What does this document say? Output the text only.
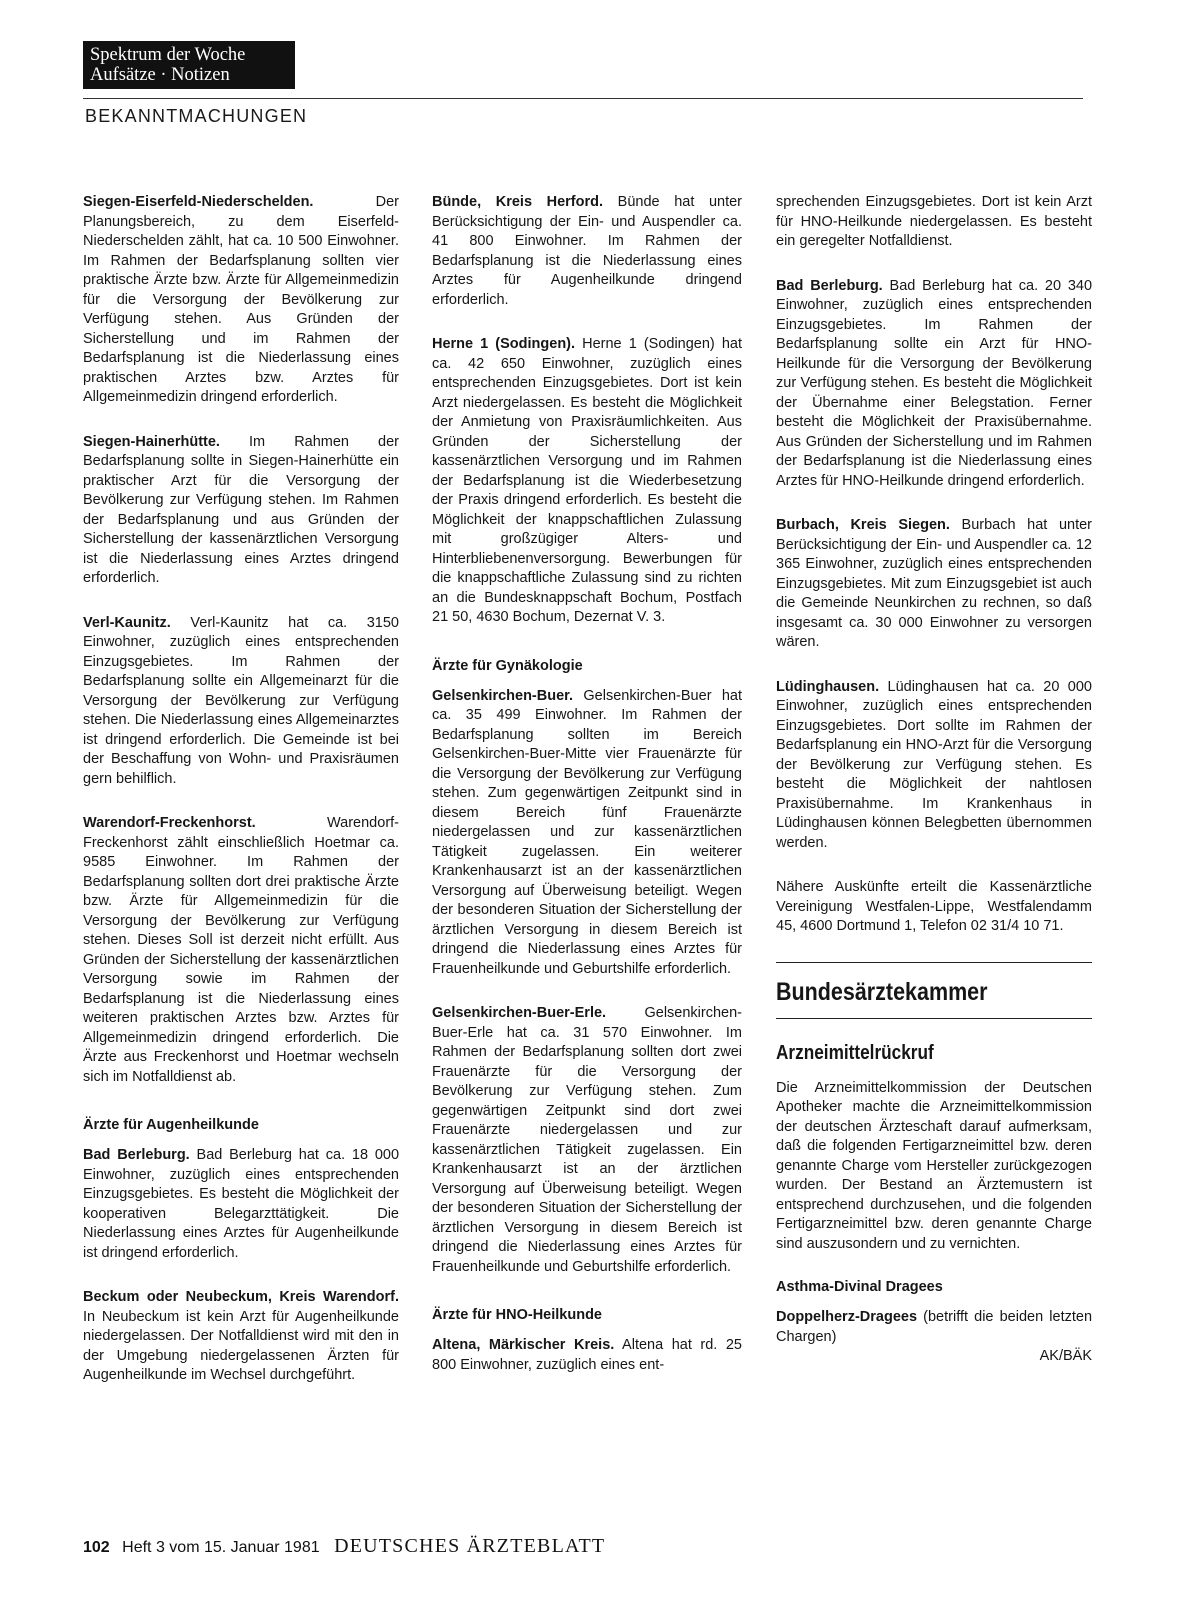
Spektrum der Woche
Aufsätze · Notizen
BEKANNTMACHUNGEN

Siegen-Eiserfeld-Niederschelden.	Der Planungsbereich, zu dem Eiserfeld-Niederschelden zählt, hat ca. 10 500 Einwohner. Im Rahmen der Bedarfsplanung sollten vier praktische Ärzte bzw. Ärzte für Allgemeinmedizin für die Versorgung der Bevölkerung zur Verfügung stehen. Aus Gründen der Sicherstellung und im Rahmen der Bedarfsplanung ist die Niederlassung eines praktischen Arztes bzw. Arztes für Allgemeinmedizin dringend erforderlich.

Siegen-Hainerhütte. Im Rahmen der Bedarfsplanung sollte in Siegen-Hainerhütte ein praktischer Arzt für die Versorgung der Bevölkerung zur Verfügung stehen. Im Rahmen der Bedarfsplanung und aus Gründen der Sicherstellung der kassenärztlichen Versorgung ist die Niederlassung eines Arztes dringend erforderlich.

Verl-Kaunitz. Verl-Kaunitz hat ca. 3150 Einwohner, zuzüglich eines entsprechenden Einzugsgebietes. Im Rahmen der Bedarfsplanung sollte ein Allgemeinarzt für die Versorgung der Bevölkerung zur Verfügung stehen. Die Niederlassung eines Allgemeinarztes ist dringend erforderlich. Die Gemeinde ist bei der Beschaffung von Wohn- und Praxisräumen gern behilflich.

Warendorf-Freckenhorst.	Warendorf-Freckenhorst zählt einschließlich Hoetmar ca. 9585 Einwohner. Im Rahmen der Bedarfsplanung sollten dort drei praktische Ärzte bzw. Ärzte für Allgemeinmedizin für die Versorgung der Bevölkerung zur Verfügung stehen. Dieses Soll ist derzeit nicht erfüllt. Aus Gründen der Sicherstellung der kassenärztlichen Versorgung sowie im Rahmen der Bedarfsplanung ist die Niederlassung eines weiteren praktischen Arztes bzw. Arztes für Allgemeinmedizin dringend erforderlich. Die Ärzte aus Freckenhorst und Hoetmar wechseln sich im Notfalldienst ab.

Ärzte für Augenheilkunde

Bad Berleburg. Bad Berleburg hat ca. 18 000 Einwohner, zuzüglich eines entsprechenden Einzugsgebietes. Es besteht die Möglichkeit der kooperativen Belegarzttätigkeit. Die Niederlassung eines Arztes für Augenheilkunde ist dringend erforderlich.

Beckum oder Neubeckum, Kreis Warendorf. In Neubeckum ist kein Arzt für Augenheilkunde niedergelassen. Der Notfalldienst wird mit den in der Umgebung niedergelassenen Ärzten für Augenheilkunde im Wechsel durchgeführt.

Bünde, Kreis Herford. Bünde hat unter Berücksichtigung der Ein- und Auspendler ca. 41 800 Einwohner. Im Rahmen der Bedarfsplanung ist die Niederlassung eines Arztes für Augenheilkunde dringend erforderlich.

Herne 1 (Sodingen). Herne 1 (Sodingen) hat ca. 42 650 Einwohner, zuzüglich eines entsprechenden Einzugsgebietes. Dort ist kein Arzt niedergelassen. Es besteht die Möglichkeit der Anmietung von Praxisräumlichkeiten. Aus Gründen der Sicherstellung der kassenärztlichen Versorgung und im Rahmen der Bedarfsplanung ist die Wiederbesetzung der Praxis dringend erforderlich. Es besteht die Möglichkeit der knappschaftlichen Zulassung mit großzügiger Alters- und Hinterbliebenenversorgung. Bewerbungen für die knappschaftliche Zulassung sind zu richten an die Bundesknappschaft Bochum, Postfach 21 50, 4630 Bochum, Dezernat V. 3.

Ärzte für Gynäkologie

Gelsenkirchen-Buer. Gelsenkirchen-Buer hat ca. 35 499 Einwohner. Im Rahmen der Bedarfsplanung sollten im Bereich Gelsenkirchen-Buer-Mitte vier Frauenärzte für die Versorgung der Bevölkerung zur Verfügung stehen. Zum gegenwärtigen Zeitpunkt sind in diesem Bereich fünf Frauenärzte niedergelassen und zur kassenärztlichen Tätigkeit zugelassen. Ein weiterer Krankenhausarzt ist an der kassenärztlichen Versorgung auf Überweisung beteiligt. Wegen der besonderen Situation der Sicherstellung der ärztlichen Versorgung in diesem Bereich ist dringend die Niederlassung eines Arztes für Frauenheilkunde und Geburtshilfe erforderlich.

Gelsenkirchen-Buer-Erle.	Gelsenkirchen-Buer-Erle hat ca. 31 570 Einwohner. Im Rahmen der Bedarfsplanung sollten dort zwei Frauenärzte für die Versorgung der Bevölkerung zur Verfügung stehen. Zum gegenwärtigen Zeitpunkt sind dort zwei Frauenärzte niedergelassen und zur kassenärztlichen Tätigkeit zugelassen. Ein Krankenhausarzt ist an der ärztlichen Versorgung auf Überweisung beteiligt. Wegen der besonderen Situation der Sicherstellung der ärztlichen Versorgung in diesem Bereich ist dringend die Niederlassung eines Arztes für Frauenheilkunde und Geburtshilfe erforderlich.

Ärzte für HNO-Heilkunde

Altena, Märkischer Kreis. Altena hat rd. 25 800 Einwohner, zuzüglich eines ent-

sprechenden Einzugsgebietes. Dort ist kein Arzt für HNO-Heilkunde niedergelassen. Es besteht ein geregelter Notfalldienst.

Bad Berleburg. Bad Berleburg hat ca. 20 340 Einwohner, zuzüglich eines entsprechenden Einzugsgebietes. Im Rahmen der Bedarfsplanung sollte ein Arzt für HNO-Heilkunde für die Versorgung der Bevölkerung zur Verfügung stehen. Es besteht die Möglichkeit der Übernahme einer Belegstation. Ferner besteht die Möglichkeit der Praxisübernahme. Aus Gründen der Sicherstellung und im Rahmen der Bedarfsplanung ist die Niederlassung eines Arztes für HNO-Heilkunde dringend erforderlich.

Burbach, Kreis Siegen. Burbach hat unter Berücksichtigung der Ein- und Auspendler ca. 12 365 Einwohner, zuzüglich eines entsprechenden Einzugsgebietes. Mit zum Einzugsgebiet ist auch die Gemeinde Neunkirchen zu rechnen, so daß insgesamt ca. 30 000 Einwohner zu versorgen wären.

Lüdinghausen. Lüdinghausen hat ca. 20 000 Einwohner, zuzüglich eines entsprechenden Einzugsgebietes. Dort sollte im Rahmen der Bedarfsplanung ein HNO-Arzt für die Versorgung der Bevölkerung zur Verfügung stehen. Es besteht die Möglichkeit der nahtlosen Praxisübernahme. Im Krankenhaus in Lüdinghausen können Belegbetten übernommen werden.

Nähere Auskünfte erteilt die Kassenärztliche Vereinigung Westfalen-Lippe, Westfalendamm 45, 4600 Dortmund 1, Telefon 02 31/4 10 71.

Bundesärztekammer
Arzneimittelrückruf

Die Arzneimittelkommission der Deutschen Apotheker machte die Arzneimittelkommission der deutschen Ärzteschaft darauf aufmerksam, daß die folgenden Fertigarzneimittel bzw. deren genannte Charge vom Hersteller zurückgezogen wurden. Der Bestand an Ärztemustern ist entsprechend durchzusehen, und die folgenden Fertigarzneimittel bzw. deren genannte Charge sind auszusondern und zu vernichten.

Asthma-Divinal Dragees

Doppelherz-Dragees (betrifft die beiden letzten Chargen)
AK/BÄK

102 Heft 3 vom 15. Januar 1981 DEUTSCHES ÄRZTEBLATT
